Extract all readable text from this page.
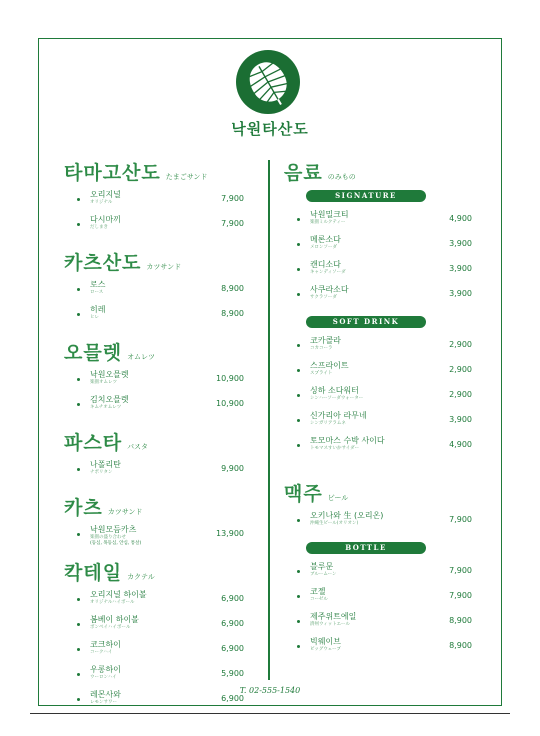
낙원타산도
타마고산도 たまごサンド
오리지널
オリジナル	7,900
다시마끼
だしまき	7,900
카츠산도 カツサンド
로스
ロース	8,900
히레
ヒレ	8,900
오믈렛 オムレツ
낙원오믈렛
楽園オムレツ	10,900
김치오믈렛
キムチオムレツ	10,900
파스타 パスタ
나폴리탄
ナポリタン	9,900
카츠 カツサンド
낙원모듬카츠
楽園の盛り合わせ
(등심, 목등심, 안심, 통살)
13,900
칵테일 カクテル
오리지널 하이볼
オリジナルハイボール	6,900
봄베이 하이볼
ボンベイハイボール	6,900
코크하이
コークハイ	6,900
우롱하이
ウーロンハイ	5,900
레몬사와
レモンサワー	6,900
음료 のみもの
SIGNATURE
낙원밀크티
楽園ミルクティー	4,900
메론소다
メロンソーダ	3,900
캔디소다
キャンディソーダ	3,900
사쿠라소다
サクラソーダ	3,900
SOFT DRINK
코카콜라
コカコーラ	2,900
스프라이트
スプライト	2,900
싱하 소다워터
シンハーソーダウォーター	2,900
신가리아 라무네
シンガリアラムネ	3,900
토모마스 수박 사이다
トモマスすいかサイダー	4,900
맥주 ビール
오키나와 生 (오리온)
沖縄生ビール(オリオン)	7,900
BOTTLE
블루문
ブルームーン	7,900
코젤
コーゼル	7,900
제주위트에일
済州ウィットエール	8,900
빅웨이브
ビッグウェーブ	8,900
T. 02-555-1540
